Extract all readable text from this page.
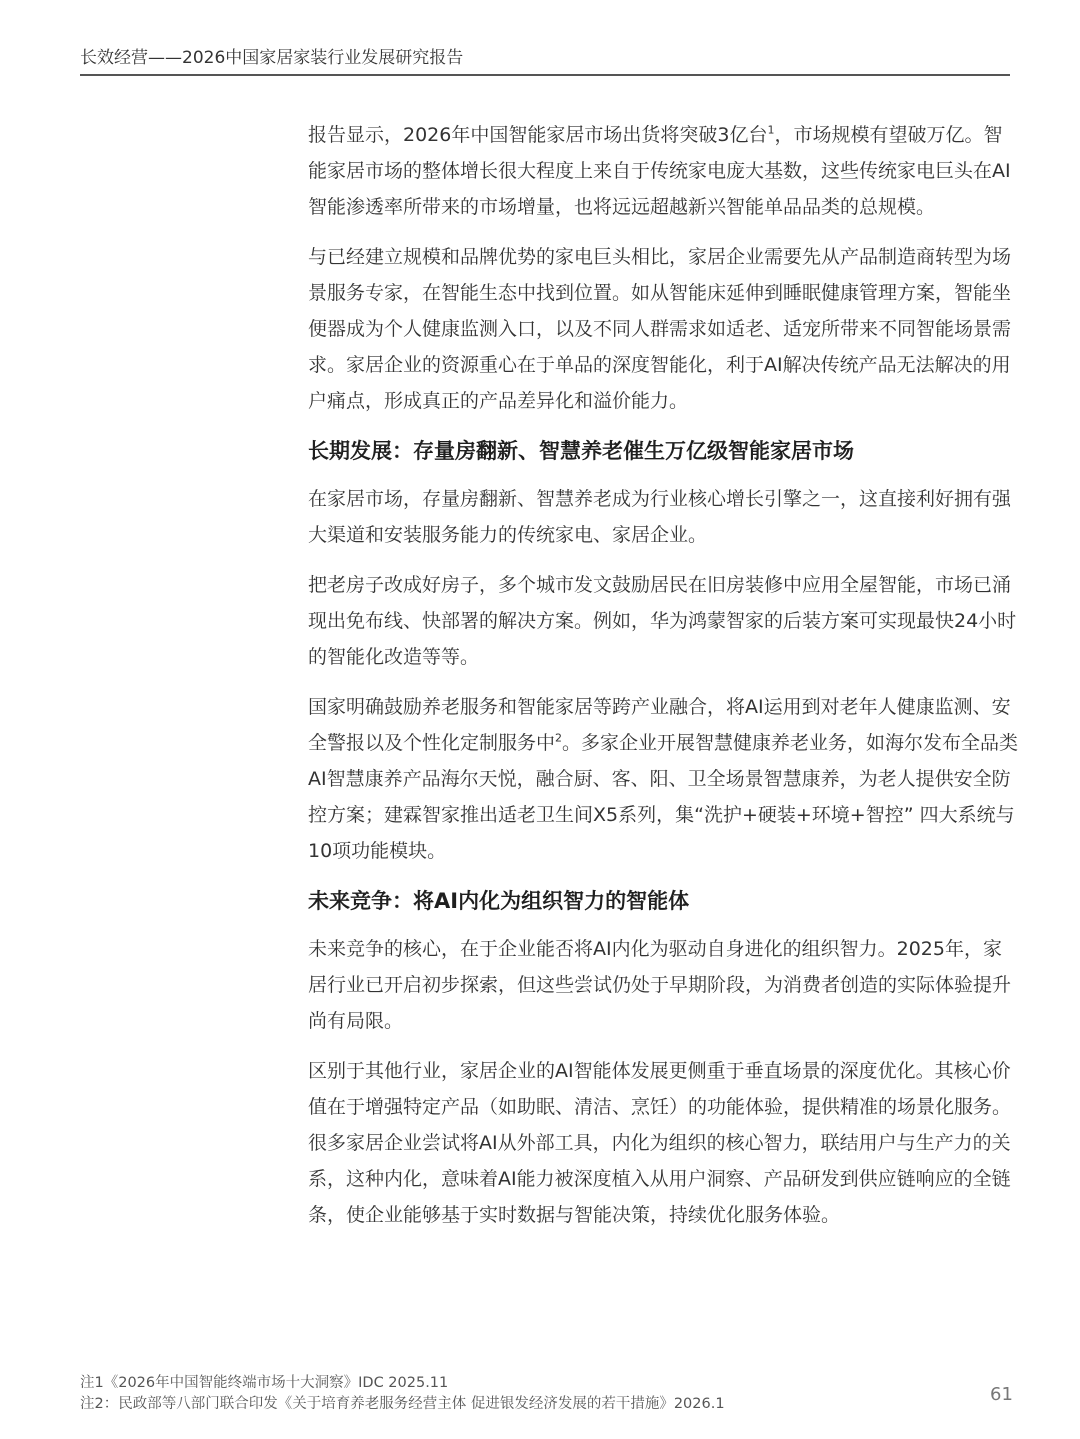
长效经营——2026中国家居家装行业发展研究报告

报告显示，2026年中国智能家居市场出货将突破3亿台$^1$，市场规模有望破万亿。智能家居市场的整体增长很大程度上来自于传统家电庞大基数，这些传统家电巨头在AI智能渗透率所带来的市场增量，也将远远超越新兴智能单品品类的总规模。

与已经建立规模和品牌优势的家电巨头相比，家居企业需要先从产品制造商转型为场景服务专家，在智能生态中找到位置。如从智能床延伸到睡眠健康管理方案，智能坐便器成为个人健康监测入口，以及不同人群需求如适老、适宠所带来不同智能场景需求。家居企业的资源重心在于单品的深度智能化，利于AI解决传统产品无法解决的用户痛点，形成真正的产品差异化和溢价能力。

长期发展：存量房翻新、智慧养老催生万亿级智能家居市场

在家居市场，存量房翻新、智慧养老成为行业核心增长引擎之一，这直接利好拥有强大渠道和安装服务能力的传统家电、家居企业。

把老房子改成好房子，多个城市发文鼓励居民在旧房装修中应用全屋智能，市场已涌现出免布线、快部署的解决方案。例如，华为鸿蒙智家的后装方案可实现最快24小时的智能化改造等等。

国家明确鼓励养老服务和智能家居等跨产业融合，将AI运用到对老年人健康监测、安全警报以及个性化定制服务中$^2$。多家企业开展智慧健康养老业务，如海尔发布全品类AI智慧康养产品海尔天悦，融合厨、客、阳、卫全场景智慧康养，为老人提供安全防控方案；建霖智家推出适老卫生间X5系列，集“洗护+硬装+环境+智控” 四大系统与10项功能模块。

未来竞争：将AI内化为组织智力的智能体

未来竞争的核心，在于企业能否将AI内化为驱动自身进化的组织智力。2025年，家居行业已开启初步探索，但这些尝试仍处于早期阶段，为消费者创造的实际体验提升尚有局限。

区别于其他行业，家居企业的AI智能体发展更侧重于垂直场景的深度优化。其核心价值在于增强特定产品（如助眠、清洁、烹饪）的功能体验，提供精准的场景化服务。很多家居企业尝试将AI从外部工具，内化为组织的核心智力，联结用户与生产力的关系，这种内化，意味着AI能力被深度植入从用户洞察、产品研发到供应链响应的全链条，使企业能够基于实时数据与智能决策，持续优化服务体验。

注1《2026年中国智能终端市场十大洞察》IDC 2025.11
注2：民政部等八部门联合印发《关于培育养老服务经营主体 促进银发经济发展的若干措施》2026.1	61
